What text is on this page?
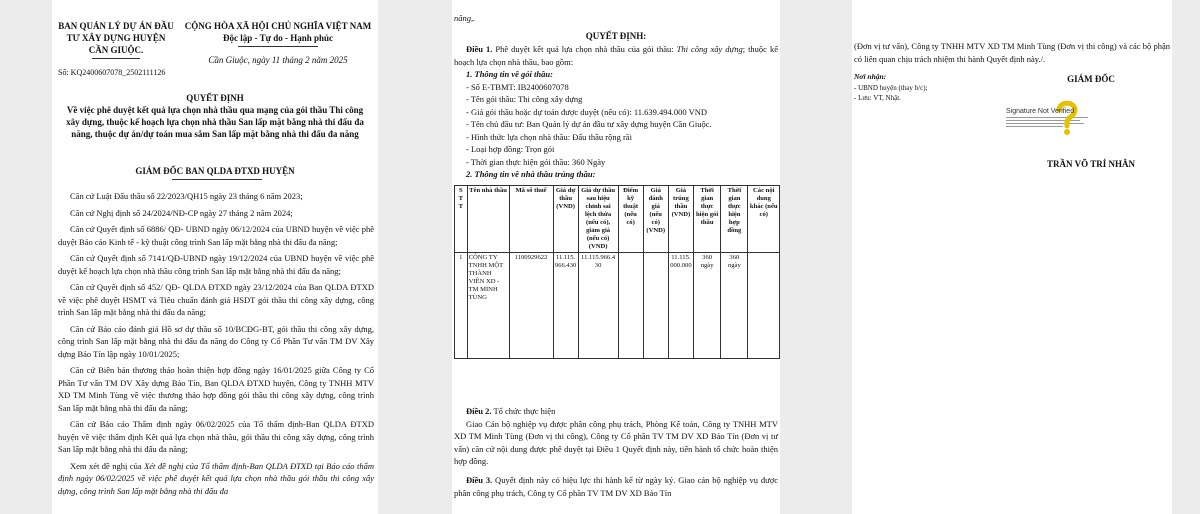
BAN QUẢN LÝ DỰ ÁN ĐẦU
TƯ XÂY DỰNG HUYỆN
CẦN GIUỘC.
CỘNG HÒA XÃ HỘI CHỦ NGHĨA VIỆT NAM
Độc lập - Tự do - Hạnh phúc
Cần Giuộc, ngày 11 tháng 2 năm 2025
Số: KQ2400607078_2502111126
QUYẾT ĐỊNH
Về việc phê duyệt kết quả lựa chọn nhà thầu qua mạng của gói thầu Thi công xây dựng, thuộc kế hoạch lựa chọn nhà thầu San lấp mặt bằng nhà thi đấu đa năng, thuộc dự án/dự toán mua sắm San lấp mặt bằng nhà thi đấu đa năng
GIÁM ĐỐC BAN QLDA ĐTXD HUYỆN
Căn cứ Luật Đấu thầu số 22/2023/QH15 ngày 23 tháng 6 năm 2023;
Căn cứ Nghị định số 24/2024/NĐ-CP ngày 27 tháng 2 năm 2024;
Căn cứ Quyết định số 6886/ QĐ- UBND ngày 06/12/2024 của UBND huyện về việc phê duyệt Báo cáo Kinh tế - kỹ thuật công trình San lấp mặt bằng nhà thi đấu đa năng;
Căn cứ Quyết định số 7141/QĐ-UBND ngày 19/12/2024 của UBND huyện về việc phê duyệt kế hoạch lựa chọn nhà thầu công trình San lấp mặt bằng nhà thi đấu đa năng;
Căn cứ Quyết định số 452/ QĐ- QLDA ĐTXD ngày 23/12/2024 của Ban QLDA ĐTXD về việc phê duyệt HSMT và Tiêu chuẩn đánh giá HSDT gói thầu thi công xây dựng, công trình San lấp mặt bằng nhà thi đấu đa năng;
Căn cứ Báo cáo đánh giá Hồ sơ dự thầu số 10/BCĐG-BT, gói thầu thi công xây dựng, công trình San lấp mặt bằng nhà thi đấu đa năng do Công ty Cổ Phần Tư vấn TM DV Xây dựng Bảo Tín lập ngày 10/01/2025;
Căn cứ Biên bản thương thảo hoàn thiện hợp đồng ngày 16/01/2025 giữa Công ty Cổ Phần Tư vấn TM DV Xây dựng Bảo Tín, Ban QLDA ĐTXD huyện, Công ty TNHH MTV XD TM Minh Tùng về việc thương thảo hợp đồng gói thầu thi công xây dựng, công trình San lấp mặt bằng nhà thi đấu đa năng;
Căn cứ Báo cáo Thẩm định ngày 06/02/2025 của Tổ thẩm định-Ban QLDA ĐTXD huyện về việc thẩm định Kết quả lựa chọn nhà thầu, gói thầu thi công xây dựng, công trình San lấp mặt bằng nhà thi đấu đa năng;
Xem xét đề nghị của Xét đề nghị của Tổ thẩm định-Ban QLDA ĐTXD tại Báo cáo thẩm định ngày 06/02/2025 về việc phê duyệt kết quả lựa chọn nhà thầu gói thầu thi công xây dựng, công trình San lấp mặt bằng nhà thi đấu đa
năng,.
QUYẾT ĐỊNH:
Điều 1. Phê duyệt kết quả lựa chọn nhà thầu của gói thầu: Thi công xây dựng; thuộc kế hoạch lựa chọn nhà thầu, bao gồm:
1. Thông tin về gói thầu:
- Số E-TBMT: IB2400607078
- Tên gói thầu: Thi công xây dựng
- Giá gói thầu hoặc dự toán được duyệt (nếu có): 11.639.494.000 VND
- Tên chủ đầu tư: Ban Quản lý dự án đầu tư xây dựng huyện Cần Giuộc.
- Hình thức lựa chọn nhà thầu: Đấu thầu rộng rãi
- Loại hợp đồng: Trọn gói
- Thời gian thực hiện gói thầu: 360 Ngày
2. Thông tin về nhà thầu trúng thầu:
S T T	Tên nhà thầu	Mã số thuế	Giá dự thầu (VND)	Giá dự thầu sau hiệu chỉnh sai lệch thừa (nếu có), giảm giá (nếu có) (VND)	Điểm kỹ thuật (nếu có)	Giá đánh giá (nếu có) (VND)	Giá trúng thầu (VND)	Thời gian thực hiện gói thầu	Thời gian thực hiện hợp đồng	Các nội dung khác (nếu có)
1	CÔNG TY TNHH MỘT THÀNH VIÊN XD - TM MINH TÙNG	1100929622	11.115.966.430	11.115.966.430			11.115.000.000	360 ngày	360 ngày	
Điều 2. Tổ chức thực hiện
Giao Cán bộ nghiệp vụ được phân công phụ trách, Phòng Kế toán, Công ty TNHH MTV XD TM Minh Tùng (Đơn vị thi công), Công ty Cổ phần TV TM DV XD Bảo Tín (Đơn vị tư vấn) căn cứ nội dung được phê duyệt tại Điều 1 Quyết định này, tiến hành tổ chức hoàn thiện hợp đồng.
Điều 3. Quyết định này có hiệu lực thi hành kể từ ngày ký. Giao cán bộ nghiệp vụ được phân công phụ trách, Công ty Cổ phần TV TM DV XD Bảo Tín
(Đơn vị tư vấn), Công ty TNHH MTV XD TM Minh Tùng (Đơn vị thi công) và các bộ phận có liên quan chịu trách nhiệm thi hành Quyết định này./.
Nơi nhận:
- UBND huyện (thay b/c);
- Lưu: VT, Nhật.
GIÁM ĐỐC
Signature Not Verified
TRẦN VÕ TRÍ NHÂN
